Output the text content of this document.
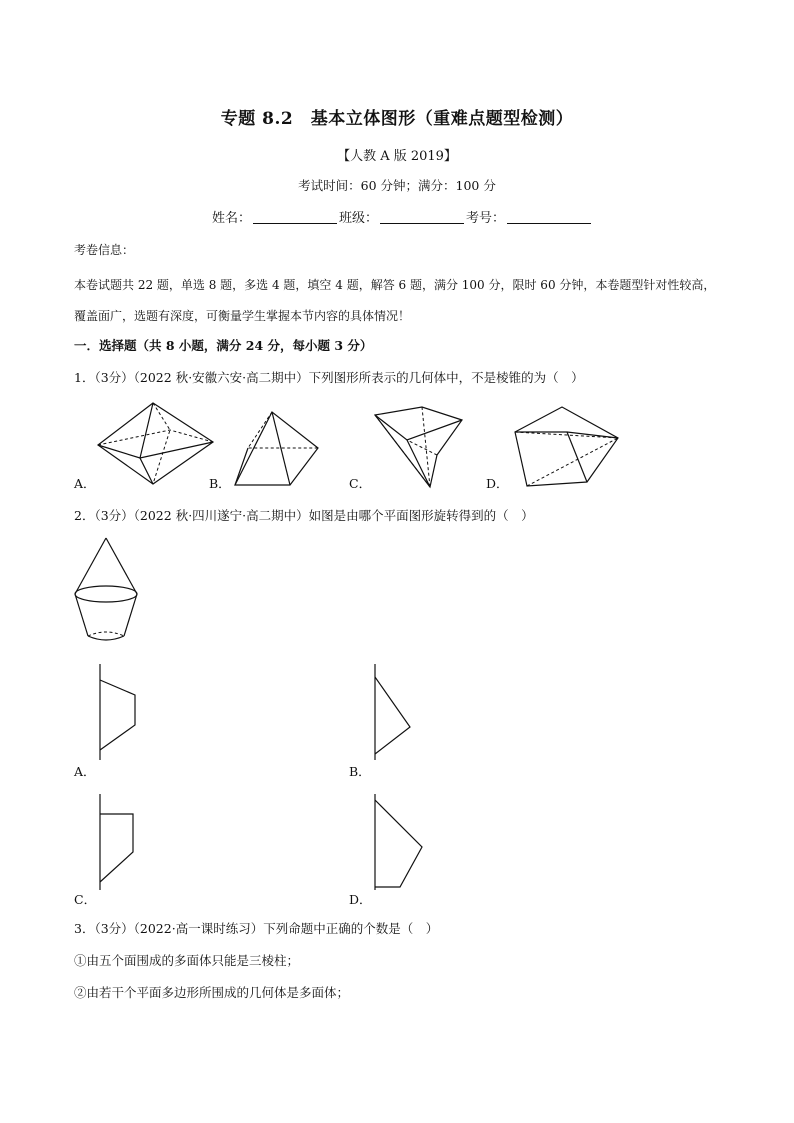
专题 8.2　基本立体图形（重难点题型检测）
【人教 A 版 2019】
考试时间：60 分钟；满分：100 分
姓名：	班级：	考号：
考卷信息：
本卷试题共 22 题，单选 8 题，多选 4 题，填空 4 题，解答 6 题，满分 100 分，限时 60 分钟，本卷题型针对性较高，覆盖面广，选题有深度，可衡量学生掌握本节内容的具体情况！
一．选择题（共 8 小题，满分 24 分，每小题 3 分）
1．（3分）（2022 秋·安徽六安·高二期中）下列图形所表示的几何体中，不是棱锥的为（　）
A．	B．	C．	D．
2．（3分）（2022 秋·四川遂宁·高二期中）如图是由哪个平面图形旋转得到的（　）
A．	B．
C．	D．
3．（3分）（2022·高一课时练习）下列命题中正确的个数是（　）
①由五个面围成的多面体只能是三棱柱；
②由若干个平面多边形所围成的几何体是多面体；
